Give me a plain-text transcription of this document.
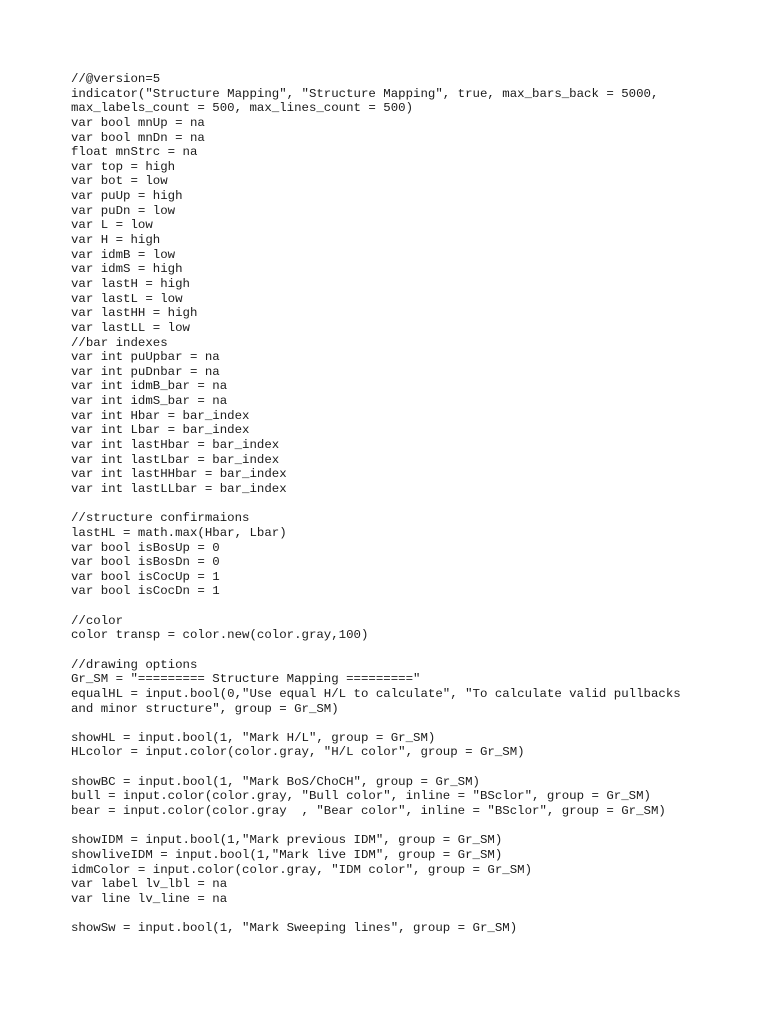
//@version=5
indicator("Structure Mapping", "Structure Mapping", true, max_bars_back = 5000,
max_labels_count = 500, max_lines_count = 500)
var bool mnUp = na
var bool mnDn = na
float mnStrc = na
var top = high
var bot = low
var puUp = high
var puDn = low
var L = low
var H = high
var idmB = low
var idmS = high
var lastH = high
var lastL = low
var lastHH = high
var lastLL = low
//bar indexes
var int puUpbar = na
var int puDnbar = na
var int idmB_bar = na
var int idmS_bar = na
var int Hbar = bar_index
var int Lbar = bar_index
var int lastHbar = bar_index
var int lastLbar = bar_index
var int lastHHbar = bar_index
var int lastLLbar = bar_index
//structure confirmaions
lastHL = math.max(Hbar, Lbar)
var bool isBosUp = 0
var bool isBosDn = 0
var bool isCocUp = 1
var bool isCocDn = 1
//color
color transp = color.new(color.gray,100)
//drawing options
Gr_SM = "========= Structure Mapping ========="
equalHL = input.bool(0,"Use equal H/L to calculate", "To calculate valid pullbacks
and minor structure", group = Gr_SM)
showHL = input.bool(1, "Mark H/L", group = Gr_SM)
HLcolor = input.color(color.gray, "H/L color", group = Gr_SM)
showBC = input.bool(1, "Mark BoS/ChoCH", group = Gr_SM)
bull = input.color(color.gray, "Bull color", inline = "BSclor", group = Gr_SM)
bear = input.color(color.gray  , "Bear color", inline = "BSclor", group = Gr_SM)
showIDM = input.bool(1,"Mark previous IDM", group = Gr_SM)
showliveIDM = input.bool(1,"Mark live IDM", group = Gr_SM)
idmColor = input.color(color.gray, "IDM color", group = Gr_SM)
var label lv_lbl = na
var line lv_line = na
showSw = input.bool(1, "Mark Sweeping lines", group = Gr_SM)
